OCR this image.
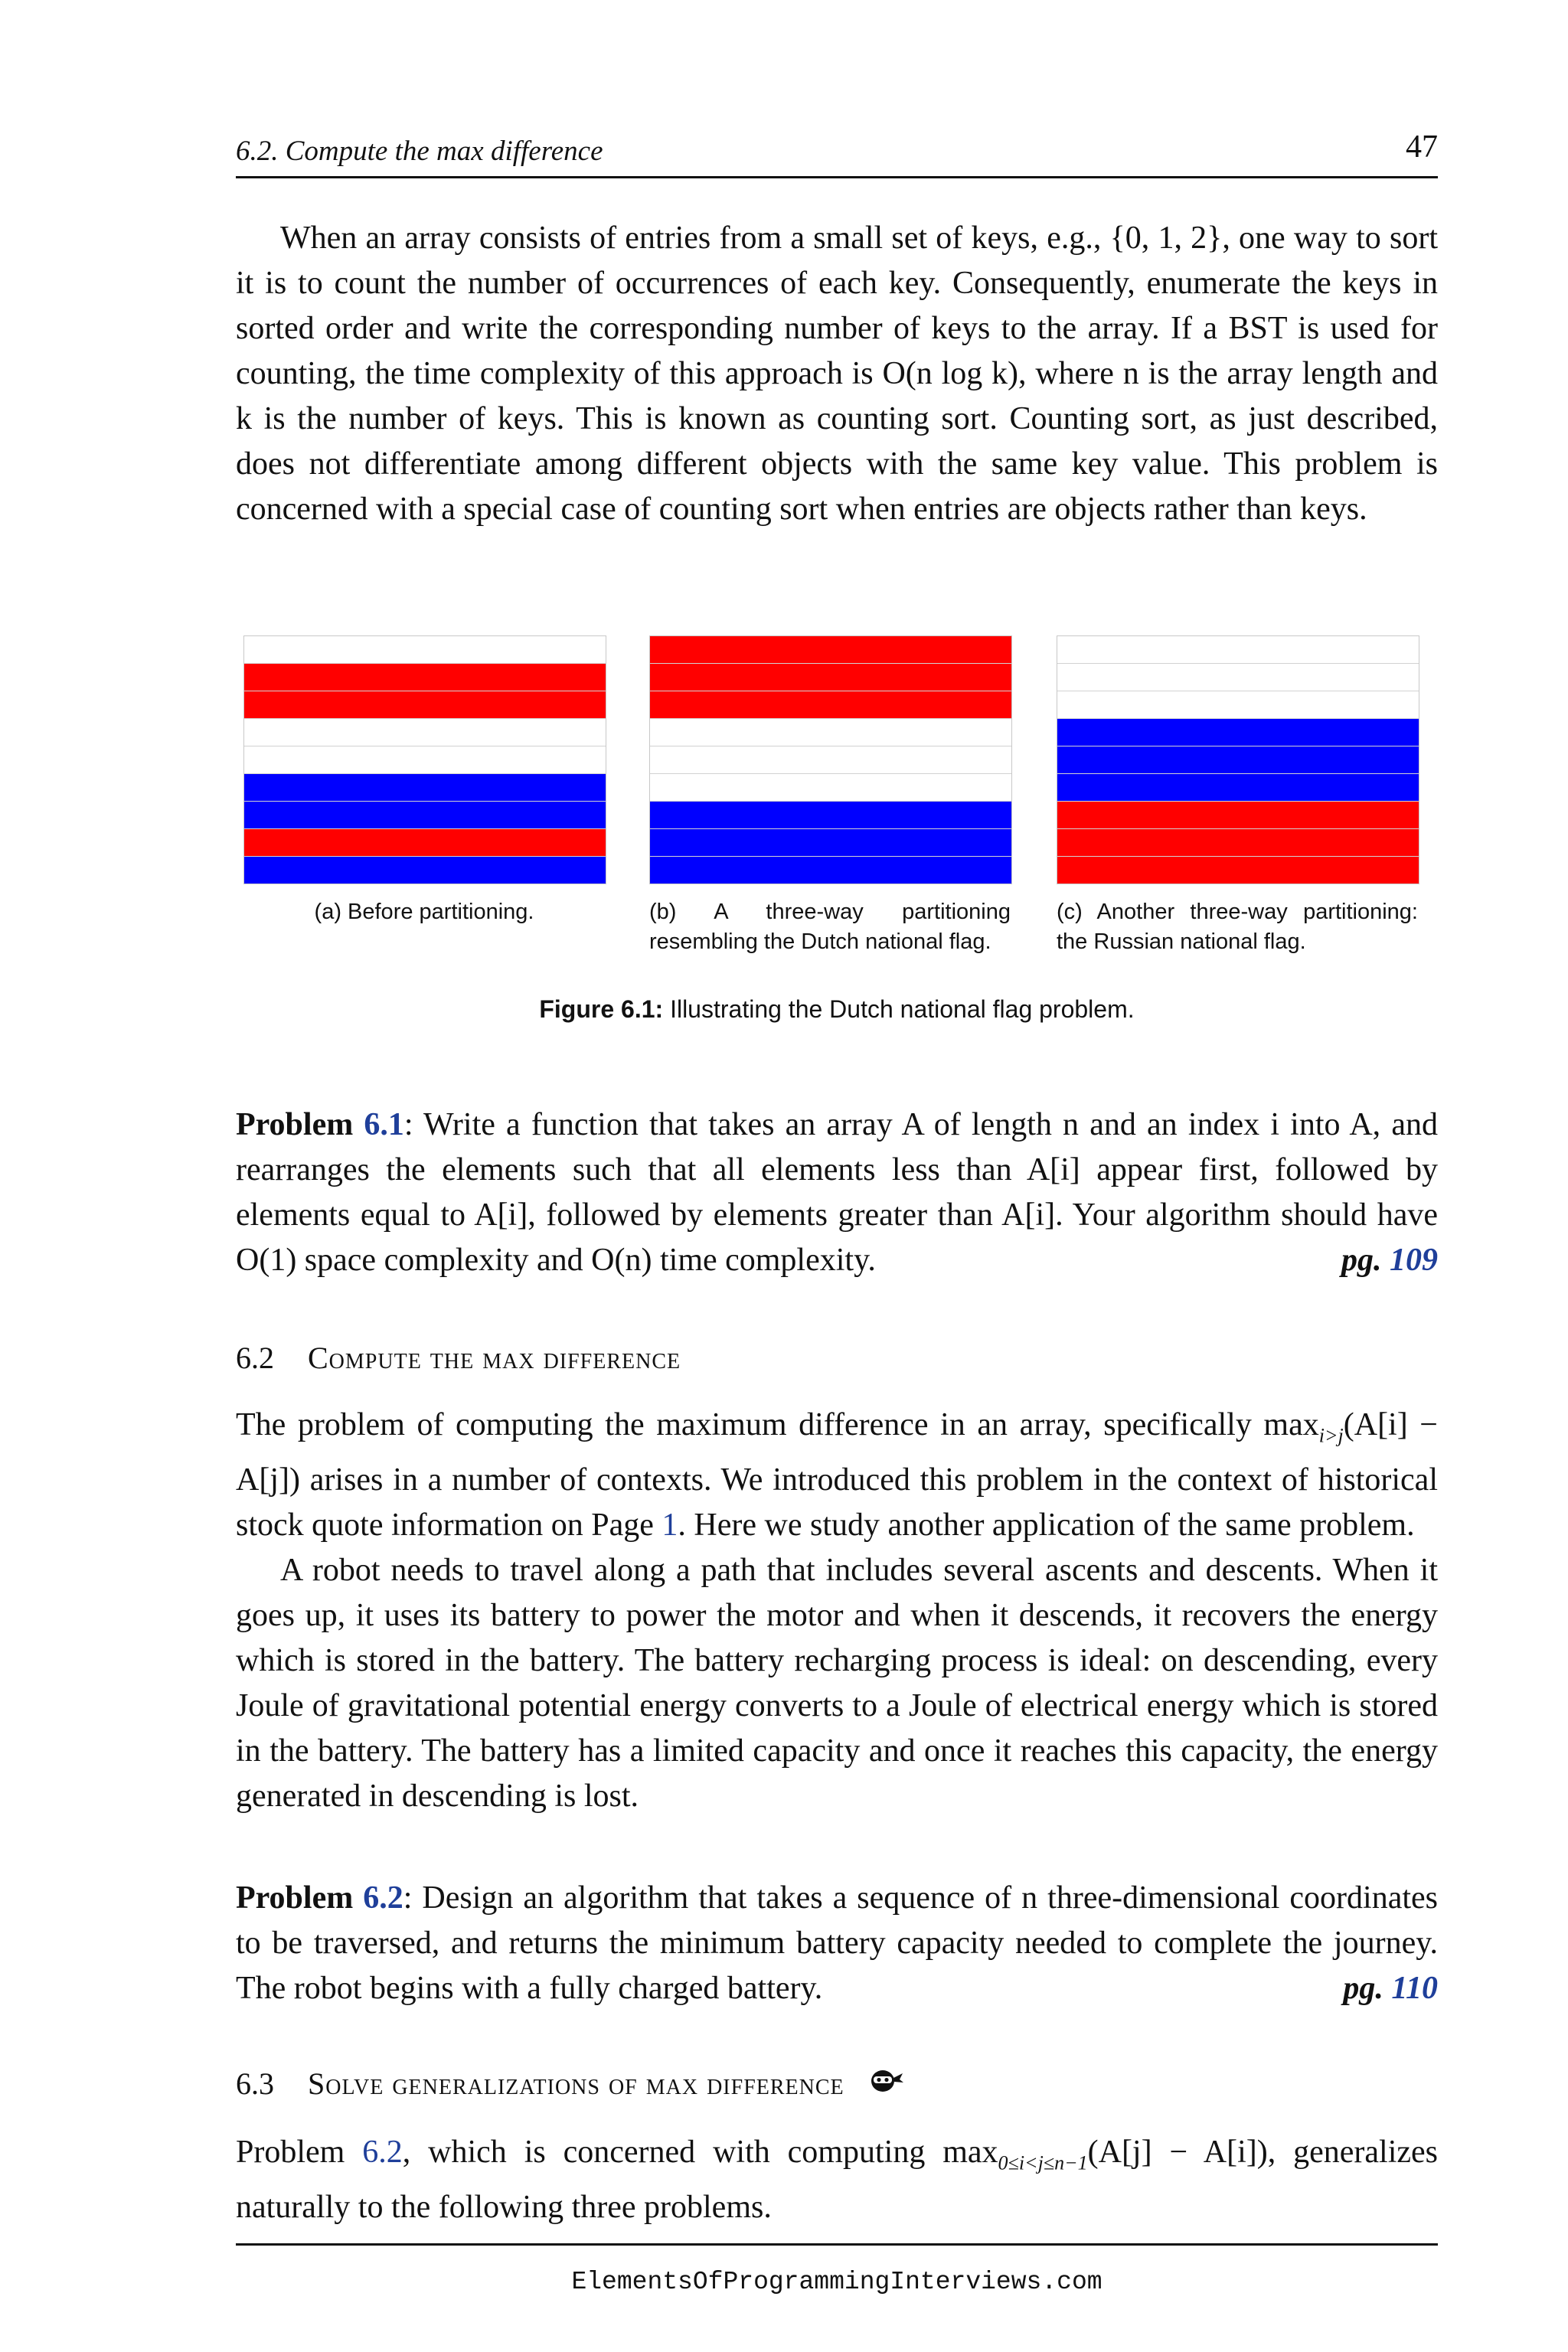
6.2. Compute the max difference	47

When an array consists of entries from a small set of keys, e.g., {0, 1, 2}, one way to sort it is to count the number of occurrences of each key. Consequently, enumerate the keys in sorted order and write the corresponding number of keys to the array. If a BST is used for counting, the time complexity of this approach is O(n log k), where n is the array length and k is the number of keys. This is known as counting sort. Counting sort, as just described, does not differentiate among different objects with the same key value. This problem is concerned with a special case of counting sort when entries are objects rather than keys.

(a) Before partitioning.	(b) A three-way partitioning resembling the Dutch national flag.
(c) Another three-way partitioning: the Russian national flag.
Figure 6.1: Illustrating the Dutch national flag problem.

Problem 6.1: Write a function that takes an array A of length n and an index i into A, and rearranges the elements such that all elements less than A[i] appear first, followed by elements equal to A[i], followed by elements greater than A[i]. Your algorithm should have O(1) space complexity and O(n) time complexity.	pg. 109

6.2 Compute the max difference

The problem of computing the maximum difference in an array, specifically $\max_{i>j}(A[i] - A[j])$ arises in a number of contexts. We introduced this problem in the context of historical stock quote information on Page 1. Here we study another application of the same problem.

A robot needs to travel along a path that includes several ascents and descents. When it goes up, it uses its battery to power the motor and when it descends, it recovers the energy which is stored in the battery. The battery recharging process is ideal: on descending, every Joule of gravitational potential energy converts to a Joule of electrical energy which is stored in the battery. The battery has a limited capacity and once it reaches this capacity, the energy generated in descending is lost.

Problem 6.2: Design an algorithm that takes a sequence of n three-dimensional coordinates to be traversed, and returns the minimum battery capacity needed to complete the journey. The robot begins with a fully charged battery.	pg. 110

6.3 Solve generalizations of max difference

Problem 6.2, which is concerned with computing $\max_{0\le i<j\le n-1}(A[j] - A[i])$, generalizes naturally to the following three problems.

ElementsOfProgrammingInterviews.com
